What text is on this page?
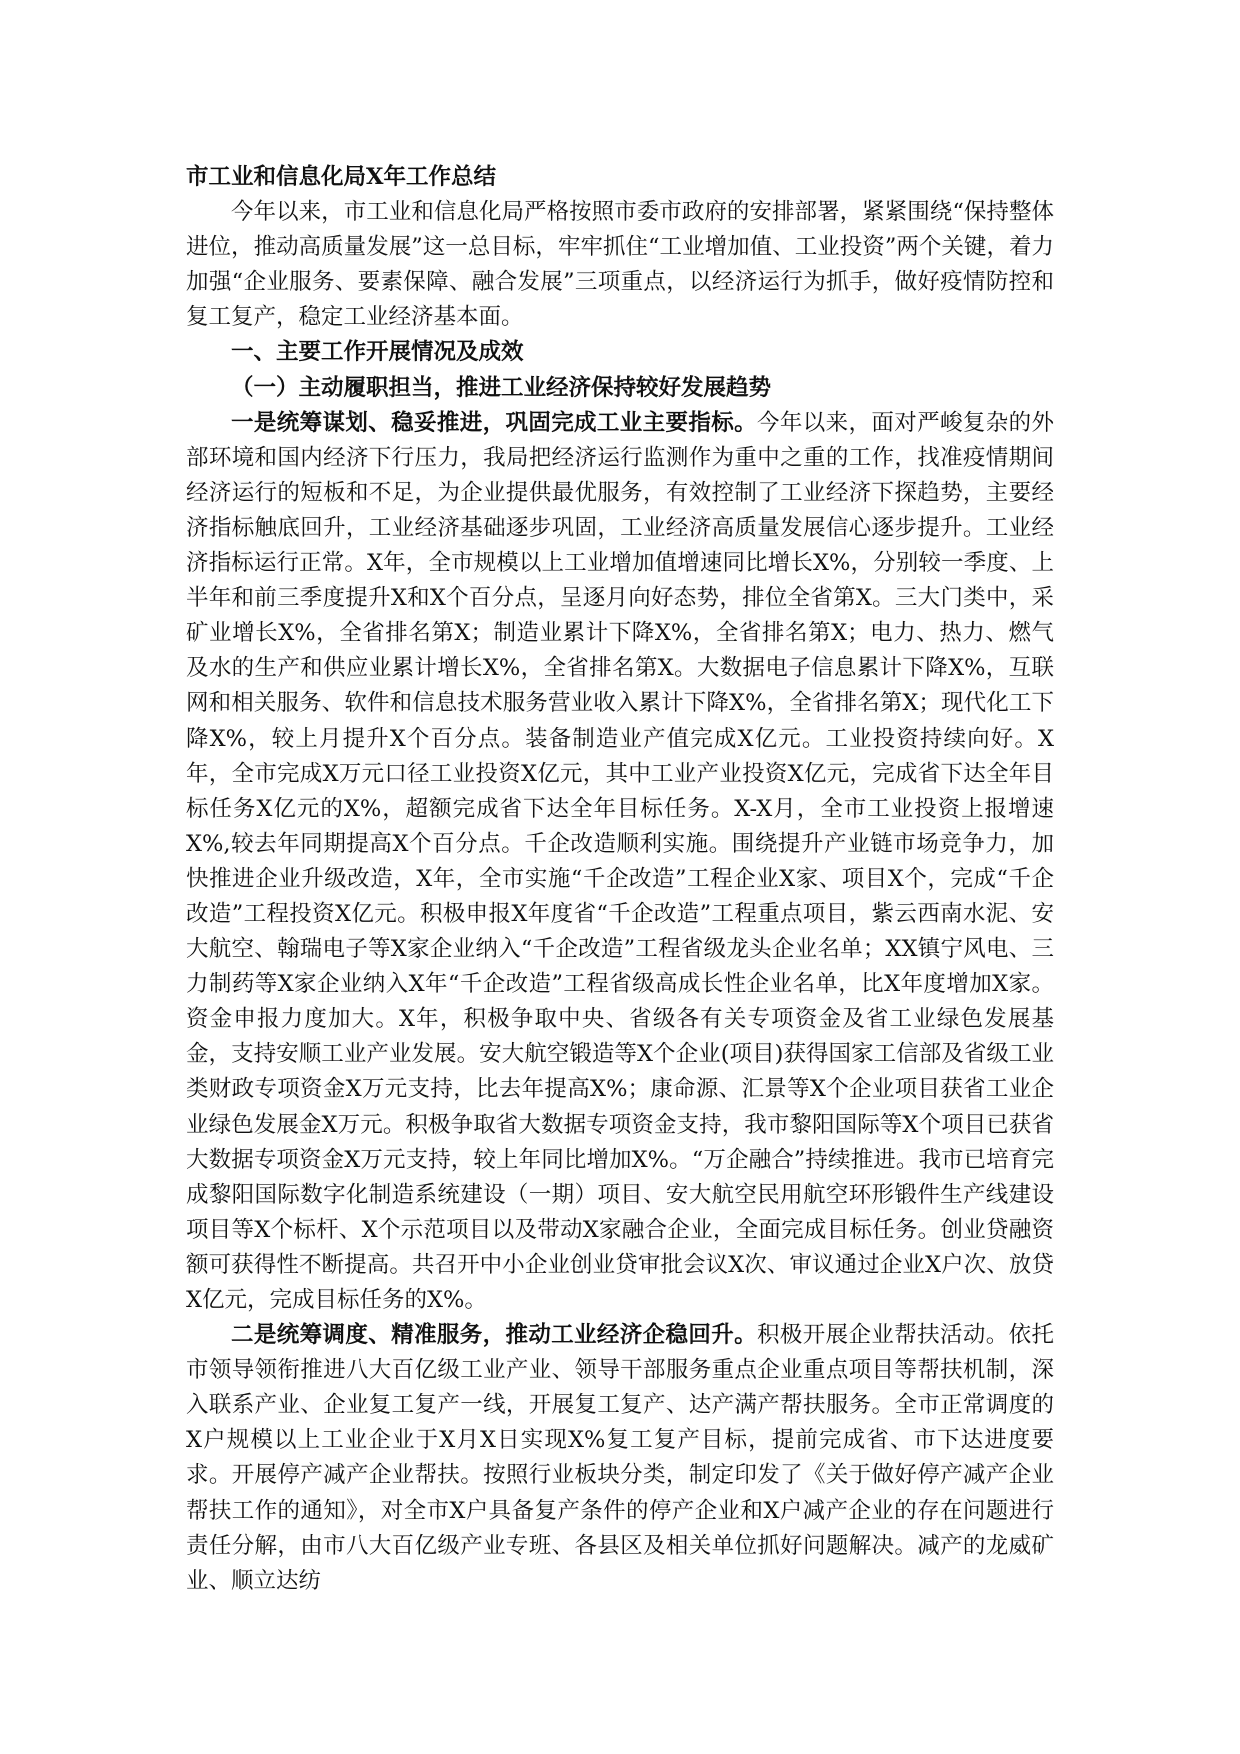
市工业和信息化局X年工作总结

今年以来，市工业和信息化局严格按照市委市政府的安排部署，紧紧围绕“保持整体进位，推动高质量发展”这一总目标，牢牢抓住“工业增加值、工业投资”两个关键，着力加强“企业服务、要素保障、融合发展”三项重点，以经济运行为抓手，做好疫情防控和复工复产，稳定工业经济基本面。

一、主要工作开展情况及成效
（一）主动履职担当，推进工业经济保持较好发展趋势

一是统筹谋划、稳妥推进，巩固完成工业主要指标。今年以来，面对严峻复杂的外部环境和国内经济下行压力，我局把经济运行监测作为重中之重的工作，找准疫情期间经济运行的短板和不足，为企业提供最优服务，有效控制了工业经济下探趋势，主要经济指标触底回升，工业经济基础逐步巩固，工业经济高质量发展信心逐步提升。工业经济指标运行正常。X年，全市规模以上工业增加值增速同比增长X%，分别较一季度、上半年和前三季度提升X和X个百分点，呈逐月向好态势，排位全省第X。三大门类中，采矿业增长X%，全省排名第X；制造业累计下降X%，全省排名第X；电力、热力、燃气及水的生产和供应业累计增长X%，全省排名第X。大数据电子信息累计下降X%，互联网和相关服务、软件和信息技术服务营业收入累计下降X%，全省排名第X；现代化工下降X%，较上月提升X个百分点。装备制造业产值完成X亿元。工业投资持续向好。X年，全市完成X万元口径工业投资X亿元，其中工业产业投资X亿元，完成省下达全年目标任务X亿元的X%，超额完成省下达全年目标任务。X-X月，全市工业投资上报增速X%,较去年同期提高X个百分点。千企改造顺利实施。围绕提升产业链市场竞争力，加快推进企业升级改造，X年，全市实施“千企改造”工程企业X家、项目X个，完成“千企改造”工程投资X亿元。积极申报X年度省“千企改造”工程重点项目，紫云西南水泥、安大航空、翰瑞电子等X家企业纳入“千企改造”工程省级龙头企业名单；XX镇宁风电、三力制药等X家企业纳入X年“千企改造”工程省级高成长性企业名单，比X年度增加X家。资金申报力度加大。X年，积极争取中央、省级各有关专项资金及省工业绿色发展基金，支持安顺工业产业发展。安大航空锻造等X个企业(项目)获得国家工信部及省级工业类财政专项资金X万元支持，比去年提高X%；康命源、汇景等X个企业项目获省工业企业绿色发展金X万元。积极争取省大数据专项资金支持，我市黎阳国际等X个项目已获省大数据专项资金X万元支持，较上年同比增加X%。“万企融合”持续推进。我市已培育完成黎阳国际数字化制造系统建设（一期）项目、安大航空民用航空环形锻件生产线建设项目等X个标杆、X个示范项目以及带动X家融合企业，全面完成目标任务。创业贷融资额可获得性不断提高。共召开中小企业创业贷审批会议X次、审议通过企业X户次、放贷X亿元，完成目标任务的X%。

二是统筹调度、精准服务，推动工业经济企稳回升。积极开展企业帮扶活动。依托市领导领衔推进八大百亿级工业产业、领导干部服务重点企业重点项目等帮扶机制，深入联系产业、企业复工复产一线，开展复工复产、达产满产帮扶服务。全市正常调度的X户规模以上工业企业于X月X日实现X%复工复产目标，提前完成省、市下达进度要求。开展停产减产企业帮扶。按照行业板块分类，制定印发了《关于做好停产减产企业帮扶工作的通知》，对全市X户具备复产条件的停产企业和X户减产企业的存在问题进行责任分解，由市八大百亿级产业专班、各县区及相关单位抓好问题解决。减产的龙威矿业、顺立达纺
